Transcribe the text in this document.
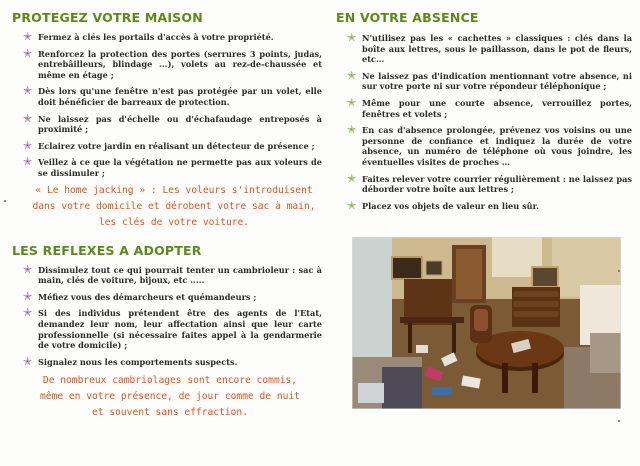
PROTEGEZ VOTRE MAISON
✭ Fermez à clés les portails d'accès à votre propriété.
✭ Renforcez la protection des portes (serrures 3 points, judas, entrebâilleurs, blindage ...), volets au rez-de-chaussée et même en étage ;
✭ Dès lors qu'une fenêtre n'est pas protégée par un volet, elle doit bénéficier de barreaux de protection.
✭ Ne laissez pas d'échelle ou d'échafaudage entreposés à proximité ;
✭ Eclairez votre jardin en réalisant un détecteur de présence ;
✭ Veillez à ce que la végétation ne permette pas aux voleurs de se dissimuler ;
« Le home jacking » : Les voleurs s'introduisent dans votre domicile et dérobent votre sac à main, les clés de votre voiture.
LES REFLEXES A ADOPTER
✭ Dissimulez tout ce qui pourrait tenter un cambrioleur : sac à main, clés de voiture, bijoux, etc .....
✭ Méfiez vous des démarcheurs et quémandeurs ;
✭ Si des individus prétendent être des agents de l'Etat, demandez leur nom, leur affectation ainsi que leur carte professionnelle (si nécessaire faites appel à la gendarmerie de votre domicile) ;
✭ Signalez nous les comportements suspects.
De nombreux cambriolages sont encore commis, même en votre présence, de jour comme de nuit et souvent sans effraction.
EN VOTRE ABSENCE
✭ N'utilisez pas les « cachettes » classiques : clés dans la boîte aux lettres, sous le paillasson, dans le pot de fleurs, etc…
✭ Ne laissez pas d'indication mentionnant votre absence, ni sur votre porte ni sur votre répondeur téléphonique ;
✭ Même pour une courte absence, verrouillez portes, fenêtres et volets ;
✭ En cas d'absence prolongée, prévenez vos voisins ou une personne de confiance et indiquez la durée de votre absence, un numéro de téléphone où vous joindre, les éventuelles visites de proches …
✭ Faites relever votre courrier régulièrement : ne laissez pas déborder votre boîte aux lettres ;
✭ Placez vos objets de valeur en lieu sûr.
